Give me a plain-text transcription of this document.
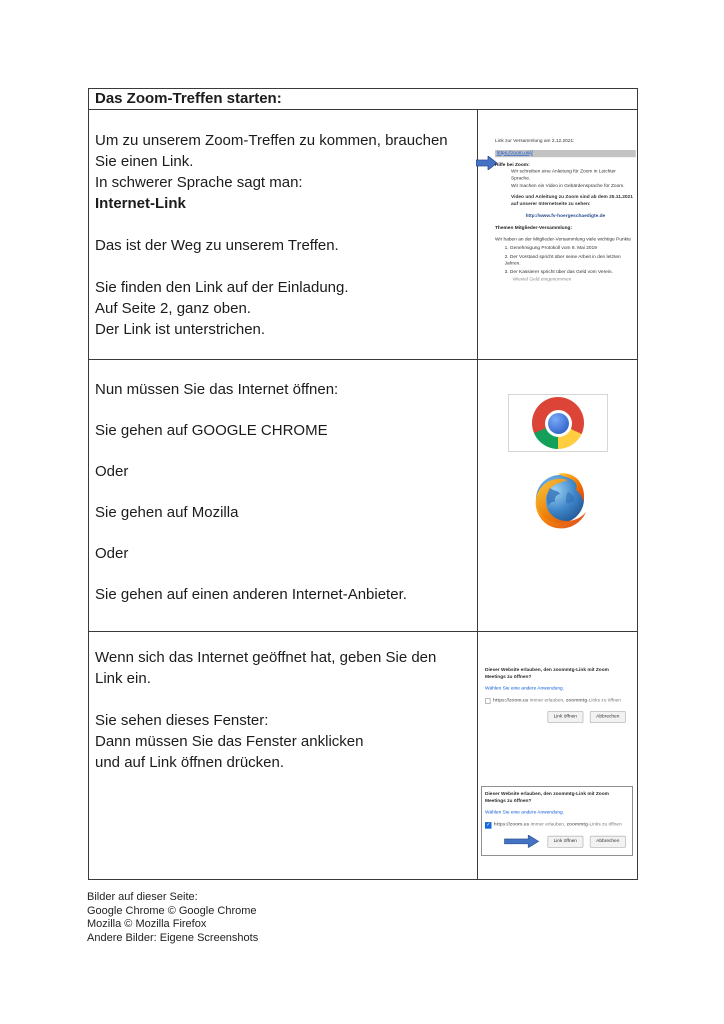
Das Zoom-Treffen starten:
Um zu unserem Zoom-Treffen zu kommen, brauchen
Sie einen Link.
In schwerer Sprache sagt man:
Internet-Link
Das ist der Weg zu unserem Treffen.
Sie finden den Link auf der Einladung.
Auf Seite 2, ganz oben.
Der Link ist unterstrichen.
Link zur Versammlung am 2.12.2021:
https://zoom.us/j/
Hilfe bei Zoom:
Wir schreiben eine Anleitung für Zoom in Leichter Sprache.
Wir machen ein Video in Gebärdensprache für Zoom.
Video und Anleitung zu Zoom sind ab dem 25.11.2021 auf unserer Internetseite zu sehen:
http://www.fv-hoergeschaedigte.de
Themen Mitglieder-Versammlung:
Wir haben an der Mitglieder-Versammlung viele wichtige Punkte
1. Genehmigung Protokoll vom 8. Mai 2019
2. Der Vorstand spricht über seine Arbeit in den letzten Jahren.
3. Der Kassierer spricht über das Geld vom Verein.
Wieviel Geld eingenommen
Nun müssen Sie das Internet öffnen:
Sie gehen auf GOOGLE CHROME
Oder
Sie gehen auf Mozilla
Oder
Sie gehen auf einen anderen Internet-Anbieter.
Wenn sich das Internet geöffnet hat, geben Sie den
Link ein.
Sie sehen dieses Fenster:
Dann müssen Sie das Fenster anklicken
und auf Link öffnen drücken.
Dieser Website erlauben, den zoommtg-Link mit Zoom Meetings zu öffnen?
Wählen Sie eine andere Anwendung.
https://zoom.us immer erlauben, zoommtg-Links zu öffnen
Link öffnen	Abbrechen
Dieser Website erlauben, den zoommtg-Link mit Zoom Meetings zu öffnen?
Wählen Sie eine andere Anwendung.
✓ https://zoom.us immer erlauben, zoommtg-Links zu öffnen
Link öffnen	Abbrechen
Bilder auf dieser Seite:
Google Chrome © Google Chrome
Mozilla © Mozilla Firefox
Andere Bilder: Eigene Screenshots
